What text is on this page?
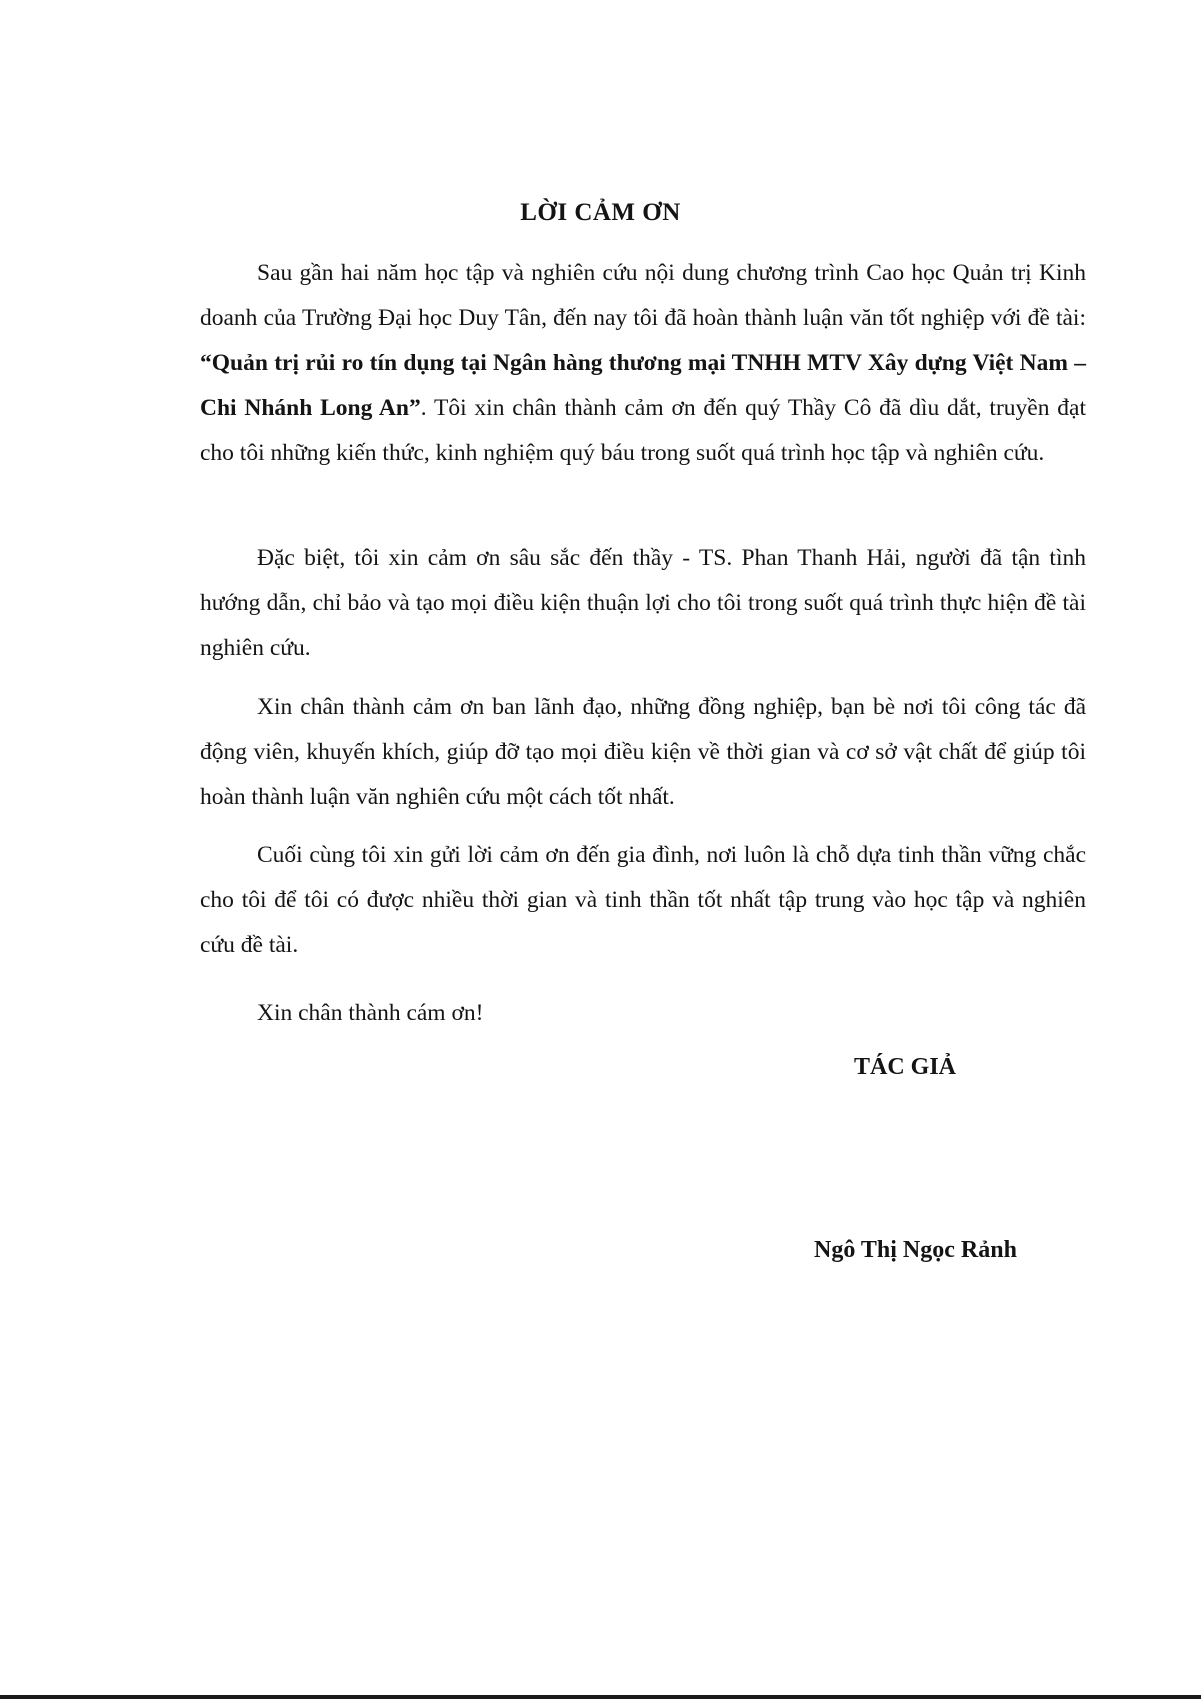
LỜI CẢM ƠN

Sau gần hai năm học tập và nghiên cứu nội dung chương trình Cao học Quản trị Kinh doanh của Trường Đại học Duy Tân, đến nay tôi đã hoàn thành luận văn tốt nghiệp với đề tài: “Quản trị rủi ro tín dụng tại Ngân hàng thương mại TNHH MTV Xây dựng Việt Nam – Chi Nhánh Long An”. Tôi xin chân thành cảm ơn đến quý Thầy Cô đã dìu dắt, truyền đạt cho tôi những kiến thức, kinh nghiệm quý báu trong suốt quá trình học tập và nghiên cứu.

Đặc biệt, tôi xin cảm ơn sâu sắc đến thầy - TS. Phan Thanh Hải, người đã tận tình hướng dẫn, chỉ bảo và tạo mọi điều kiện thuận lợi cho tôi trong suốt quá trình thực hiện đề tài nghiên cứu.

Xin chân thành cảm ơn ban lãnh đạo, những đồng nghiệp, bạn bè nơi tôi công tác đã động viên, khuyến khích, giúp đỡ tạo mọi điều kiện về thời gian và cơ sở vật chất để giúp tôi hoàn thành luận văn nghiên cứu một cách tốt nhất.

Cuối cùng tôi xin gửi lời cảm ơn đến gia đình, nơi luôn là chỗ dựa tinh thần vững chắc cho tôi để tôi có được nhiều thời gian và tinh thần tốt nhất tập trung vào học tập và nghiên cứu đề tài.

Xin chân thành cám ơn!

TÁC GIẢ
Ngô Thị Ngọc Rảnh
